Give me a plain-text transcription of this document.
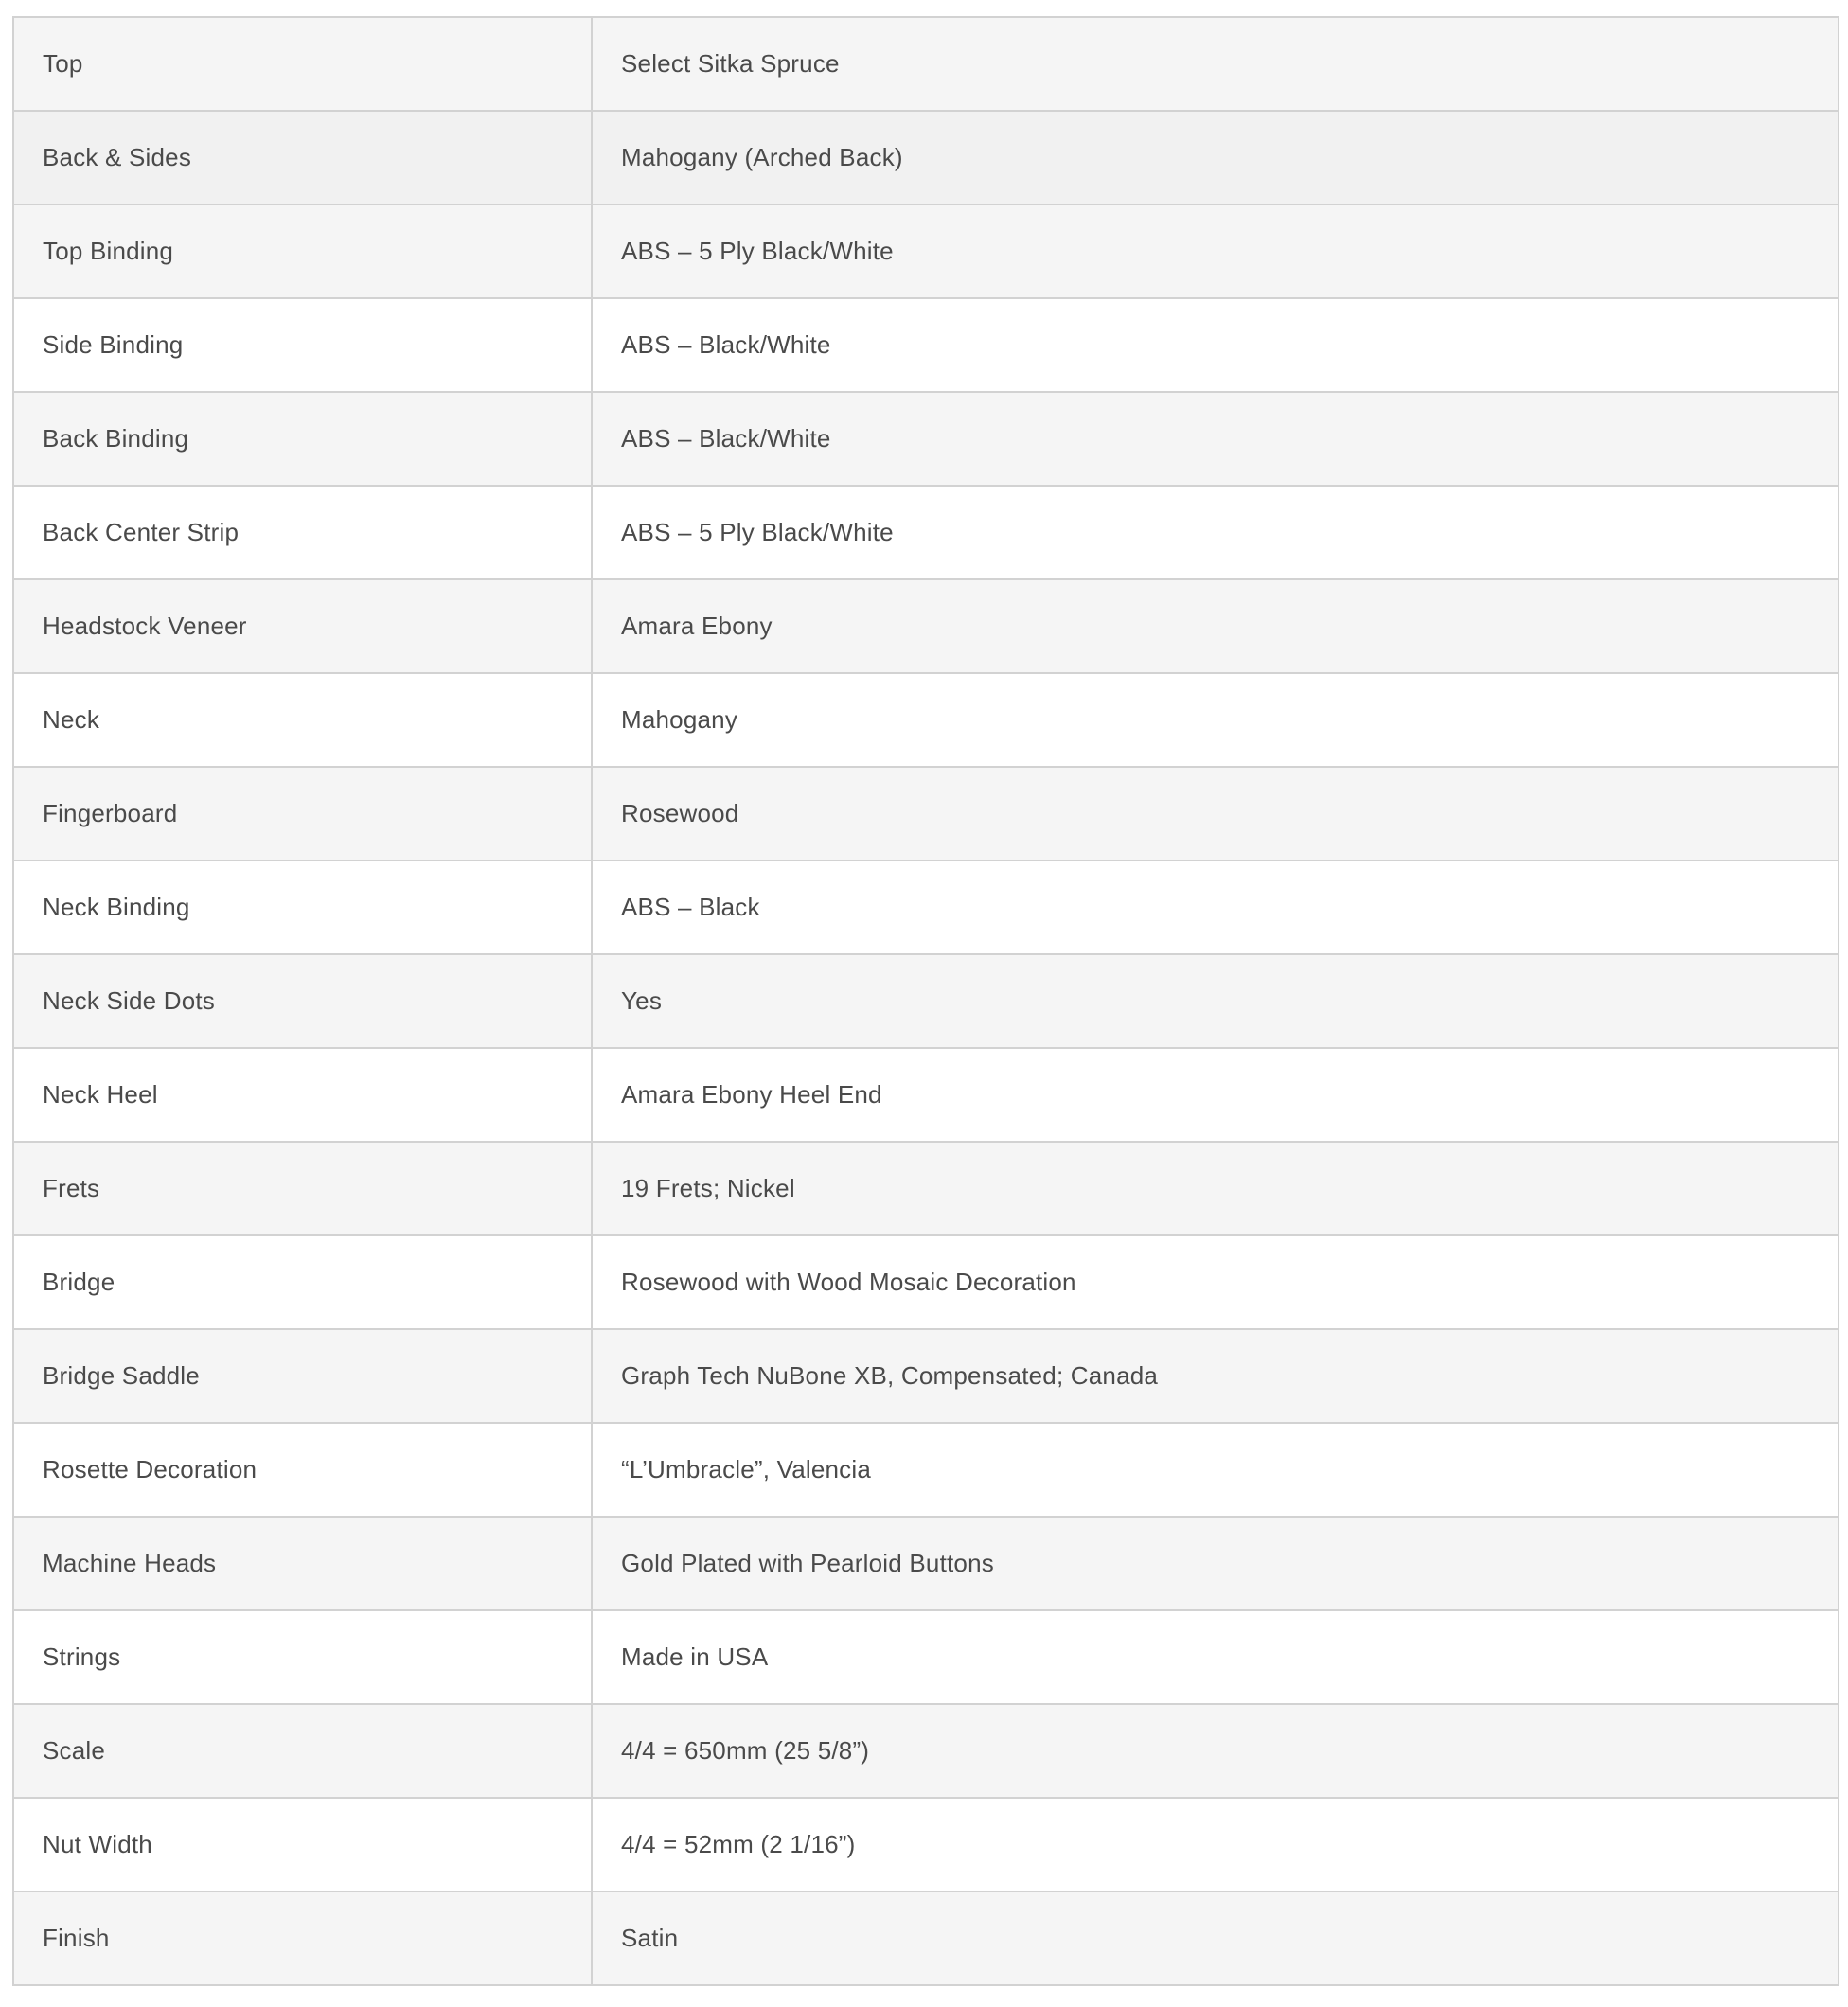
Top	Select Sitka Spruce
Back & Sides	Mahogany (Arched Back)
Top Binding	ABS – 5 Ply Black/White
Side Binding	ABS – Black/White
Back Binding	ABS – Black/White
Back Center Strip	ABS – 5 Ply Black/White
Headstock Veneer	Amara Ebony
Neck	Mahogany
Fingerboard	Rosewood
Neck Binding	ABS – Black
Neck Side Dots	Yes
Neck Heel	Amara Ebony Heel End
Frets	19 Frets; Nickel
Bridge	Rosewood with Wood Mosaic Decoration
Bridge Saddle	Graph Tech NuBone XB, Compensated; Canada
Rosette Decoration	“L’Umbracle”, Valencia
Machine Heads	Gold Plated with Pearloid Buttons
Strings	Made in USA
Scale	4/4 = 650mm (25 5/8”)
Nut Width	4/4 = 52mm (2 1/16”)
Finish	Satin
